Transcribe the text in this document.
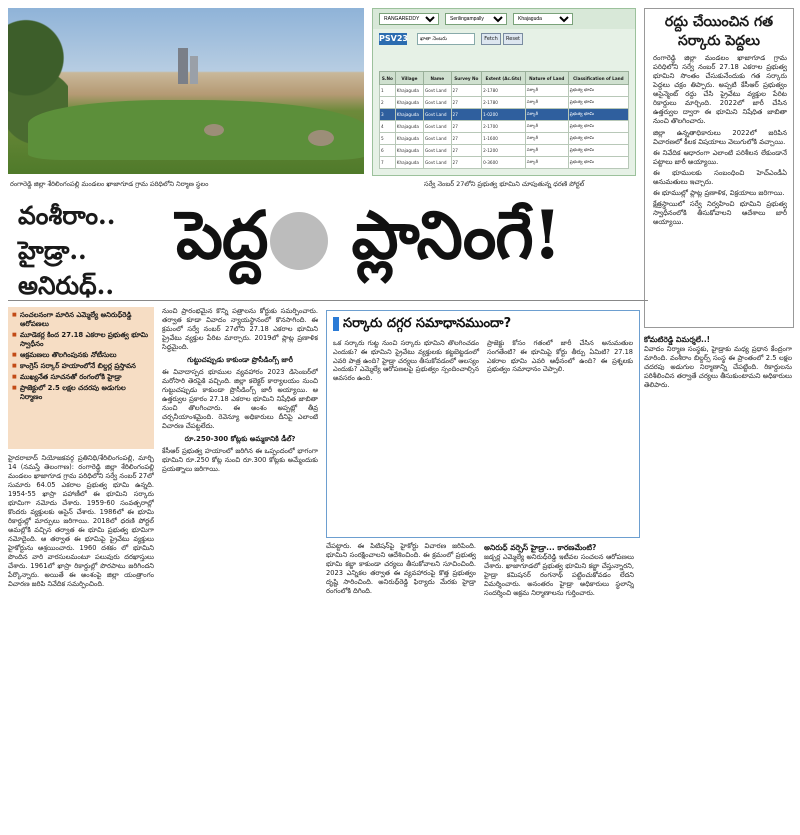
రంగారెడ్డి జిల్లా శేరిలింగంపల్లి మండలం ఖాజాగూడ గ్రామ పరిధిలోని నిర్మాణ స్థలం
RANGAREDDY
Serilingampally
Khajaguda
PSV23	ఖాతా నెంబరు	Fetch	Reset
S.No	Village	Name	Survey No	Extent (Ac.Gts)	Nature of Land	Classification of Land
1	Khajaguda	Govt Land	27	2-1780	సర్కారీ	ప్రభుత్వ భూమి
2	Khajaguda	Govt Land	27	2-1780	సర్కారీ	ప్రభుత్వ భూమి
3	Khajaguda	Govt Land	27	1-0200	సర్కారీ	ప్రభుత్వ భూమి
4	Khajaguda	Govt Land	27	2-1700	సర్కారీ	ప్రభుత్వ భూమి
5	Khajaguda	Govt Land	27	1-1600	సర్కారీ	ప్రభుత్వ భూమి
6	Khajaguda	Govt Land	27	2-1200	సర్కారీ	ప్రభుత్వ భూమి
7	Khajaguda	Govt Land	27	0-3600	సర్కారీ	ప్రభుత్వ భూమి
సర్వే నెంబర్ 27లోని ప్రభుత్వ భూమిని చూపుతున్న ధరణి పోర్టల్
రద్దు చేయించిన గత సర్కారు పెద్దలు

రంగారెడ్డి జిల్లా మండలం ఖాజాగూడ గ్రామ పరిధిలోని సర్వే నంబర్ 27.18 ఎకరాల ప్రభుత్వ భూమిని సొంతం చేసుకునేందుకు గత సర్కారు పెద్దలు చక్రం తిప్పారు. అప్పటి కేసీఆర్ ప్రభుత్వం అసైన్మెంట్ రద్దు చేసి ప్రైవేటు వ్యక్తుల పేరిట రికార్డులు మార్చింది. 2022లో జారీ చేసిన ఉత్తర్వుల ద్వారా ఈ భూమిని నిషేధిత జాబితా నుంచి తొలగించారు.

జిల్లా ఉన్నతాధికారులు 2022లో జరిపిన విచారణలో కీలక విషయాలు వెలుగులోకి వచ్చాయి.

ఈ నివేదిక ఆధారంగా ఎలాంటి పరిశీలన లేకుండానే పట్టాలు జారీ అయ్యాయి.

ఈ భూములకు సంబంధించి హెచ్ఎండీఏ అనుమతులు ఇచ్చారు.

ఈ భూముల్లో ప్లాట్ల ప్రణాళిక, విక్రయాలు జరిగాయి.

క్షేత్రస్థాయిలో సర్వే నిర్వహించి భూమిని ప్రభుత్వ స్వాధీనంలోకి తీసుకోవాలని ఆదేశాలు జారీ అయ్యాయి.

వంశీరాం..
హైడ్రా..
అనిరుధ్..
పెద్ద ప్లానింగే!
■ సంచలనంగా మారిన ఎమ్మెల్యే అనిరుధ్‌రెడ్డి ఆరోపణలు
■ మూడెకర్ల కింద 27.18 ఎకరాల ప్రభుత్వ భూమి స్వాధీనం
■ ఆక్రమణలు తొలగింపునకు నోటీసులు
■ కాంగ్రెస్ సర్కార్ హయాంలోనే బిల్డర్ల ప్రస్తావన
■ ముఖ్యనేత సూచనతో రంగంలోకి హైడ్రా
■ ప్రాజెక్టులో 2.5 లక్షల చదరపు అడుగుల నిర్మాణం

హైదరాబాద్ నియోజకవర్గ ప్రతినిధి/శేరిలింగంపల్లి, మార్చి 14 (నమస్తే తెలంగాణ): రంగారెడ్డి జిల్లా శేరిలింగంపల్లి మండలం ఖాజాగూడ గ్రామ పరిధిలోని సర్వే నంబర్ 27లో సుమారు 64.05 ఎకరాల ప్రభుత్వ భూమి ఉన్నది. 1954-55 ఖాస్రా పహాణీలో ఈ భూమిని సర్కారు భూమిగా నమోదు చేశారు. 1959-60 సంవత్సరాల్లో కొందరు వ్యక్తులకు అసైన్ చేశారు. 1986లో ఈ భూమి రికార్డుల్లో మార్పులు జరిగాయి. 2018లో ధరణి పోర్టల్ అమల్లోకి వచ్చిన తర్వాత ఈ భూమి ప్రభుత్వ భూమిగా నమోదైంది. ఆ తర్వాత ఈ భూమిపై ప్రైవేటు వ్యక్తులు హైకోర్టును ఆశ్రయించారు. 1960 దశకం లో భూమిని పొందిన వారి వారసులమంటూ పలువురు దరఖాస్తులు చేశారు. 1961లో ఖాస్రా రికార్డుల్లో పొరపాటు జరిగిందని పేర్కొన్నారు. అయితే ఈ అంశంపై జిల్లా యంత్రాంగం విచారణ జరిపి నివేదిక సమర్పించింది.

నుంచి ప్రారంభమైన కొన్ని పత్రాలను కోర్టుకు సమర్పించారు. తర్వాత కూడా వివాదం న్యాయస్థానంలో కొనసాగింది. ఈ క్రమంలో సర్వే నంబర్ 27లోని 27.18 ఎకరాల భూమిని ప్రైవేటు వ్యక్తుల పేరిట మార్చారు. 2019లో ప్లాట్ల ప్రణాళిక సిద్ధమైంది.

గుట్టుచప్పుడు కాకుండా ప్రొసీడింగ్స్ జారీ

ఈ వివాదాస్పద భూముల వ్యవహారం 2023 డిసెంబర్‌లో మరోసారి తెరపైకి వచ్చింది. జిల్లా కలెక్టర్ కార్యాలయం నుంచి గుట్టుచప్పుడు కాకుండా ప్రొసీడింగ్స్ జారీ అయ్యాయి. ఆ ఉత్తర్వుల ప్రకారం 27.18 ఎకరాల భూమిని నిషేధిత జాబితా నుంచి తొలగించారు. ఈ అంశం అప్పట్లో తీవ్ర చర్చనీయాంశమైంది. రెవెన్యూ అధికారులు దీనిపై ఎలాంటి విచారణ చేపట్టలేదు.

రూ.250-300 కోట్లకు అమ్మకానికి డీల్?

కేసీఆర్ ప్రభుత్వ హయాంలో జరిగిన ఈ ఒప్పందంలో భాగంగా భూమిని రూ.250 కోట్ల నుంచి రూ.300 కోట్లకు అమ్మేందుకు ప్రయత్నాలు జరిగాయి.

సర్కారు దగ్గర సమాధానముందా?
ఒక సర్కారు గుట్ట నుంచి సర్కారు భూమిని తొలగించడం ఎందుకు? ఈ భూమిని ప్రైవేటు వ్యక్తులకు కట్టబెట్టడంలో ఎవరి పాత్ర ఉంది? హైడ్రా చర్యలు తీసుకోవడంలో ఆలస్యం ఎందుకు? ఎమ్మెల్యే ఆరోపణలపై ప్రభుత్వం స్పందించాల్సిన అవసరం ఉంది.
ప్రాజెక్టు కోసం గతంలో జారీ చేసిన అనుమతుల సంగతేంటి? ఈ భూమిపై కోర్టు తీర్పు ఏమిటి? 27.18 ఎకరాల భూమి ఎవరి ఆధీనంలో ఉంది? ఈ ప్రశ్నలకు ప్రభుత్వం సమాధానం చెప్పాలి.

చేపట్టారు. ఈ పిటిషన్‌పై హైకోర్టు విచారణ జరిపింది. భూమిని సంరక్షించాలని ఆదేశించింది. ఈ క్రమంలో ప్రభుత్వ భూమి కబ్జా కాకుండా చర్యలు తీసుకోవాలని సూచించింది. 2023 ఎన్నికల తర్వాత ఈ వ్యవహారంపై కొత్త ప్రభుత్వం దృష్టి సారించింది. అనిరుధ్‌రెడ్డి ఫిర్యాదు మేరకు హైడ్రా రంగంలోకి దిగింది.

అనిరుధ్ వర్సెస్ హైడ్రా... కారణమేంటి?

జడ్చర్ల ఎమ్మెల్యే అనిరుధ్‌రెడ్డి ఇటీవల సంచలన ఆరోపణలు చేశారు. ఖాజాగూడలో ప్రభుత్వ భూమిని కబ్జా చేస్తున్నారని, హైడ్రా కమిషనర్ రంగనాథ్ పట్టించుకోవడం లేదని విమర్శించారు. అనంతరం హైడ్రా అధికారులు స్థలాన్ని సందర్శించి అక్రమ నిర్మాణాలను గుర్తించారు.

కోమటిరెడ్డి విమర్శలే..!

వివాదం నిర్మాణ సంస్థకు, హైడ్రాకు మధ్య ప్రధాన కేంద్రంగా మారింది. వంశీరాం బిల్డర్స్ సంస్థ ఈ ప్రాంతంలో 2.5 లక్షల చదరపు అడుగుల నిర్మాణాన్ని చేపట్టింది. రికార్డులను పరిశీలించిన తర్వాతే చర్యలు తీసుకుంటామని అధికారులు తెలిపారు.
